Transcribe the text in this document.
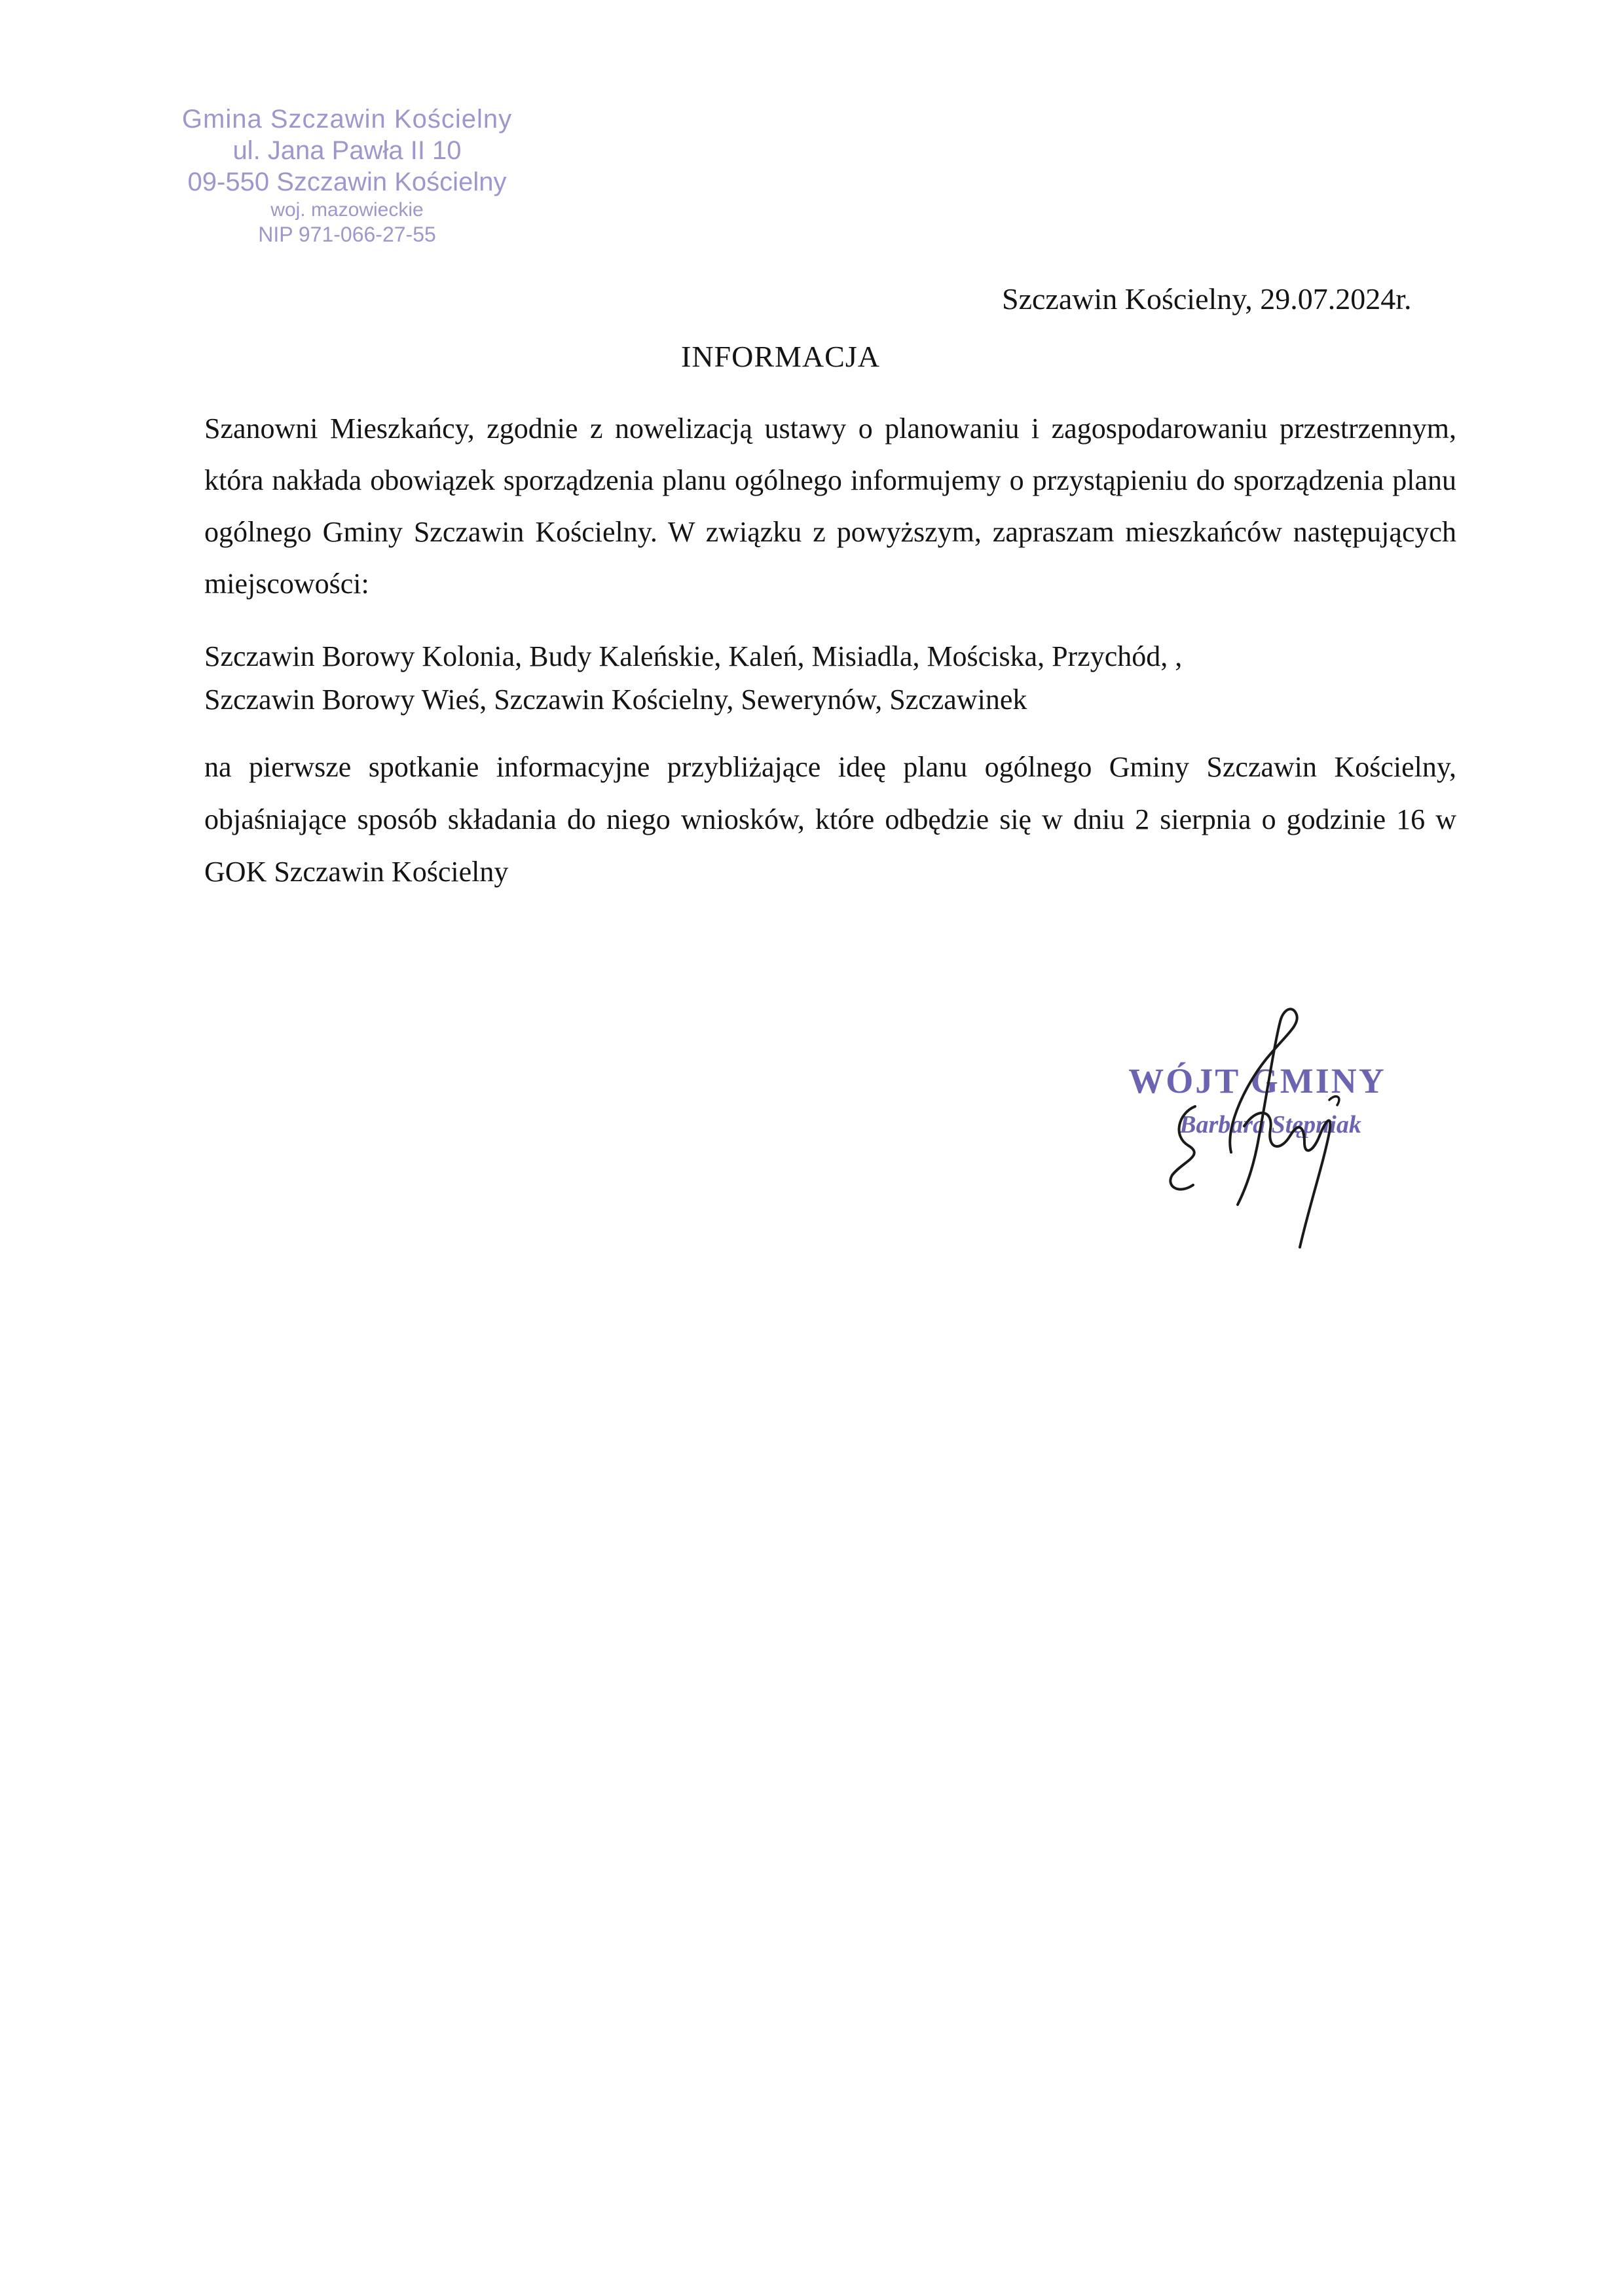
Gmina Szczawin Kościelny
ul. Jana Pawła II 10
09-550 Szczawin Kościelny
woj. mazowieckie
NIP 971-066-27-55
Szczawin Kościelny, 29.07.2024r.
INFORMACJA
Szanowni Mieszkańcy, zgodnie z nowelizacją ustawy o planowaniu i zagospodarowaniu przestrzennym, która nakłada obowiązek sporządzenia planu ogólnego informujemy o przystąpieniu do sporządzenia planu ogólnego Gminy Szczawin Kościelny. W związku z powyższym, zapraszam mieszkańców następujących miejscowości:
Szczawin Borowy Kolonia, Budy Kaleńskie, Kaleń, Misiadla, Mościska, Przychód, ,
Szczawin Borowy Wieś, Szczawin Kościelny, Sewerynów, Szczawinek
na pierwsze spotkanie informacyjne przybliżające ideę planu ogólnego Gminy Szczawin Kościelny, objaśniające sposób składania do niego wniosków, które odbędzie się w dniu 2 sierpnia o godzinie 16 w GOK Szczawin Kościelny
WÓJT GMINY
Barbara Stępniak
